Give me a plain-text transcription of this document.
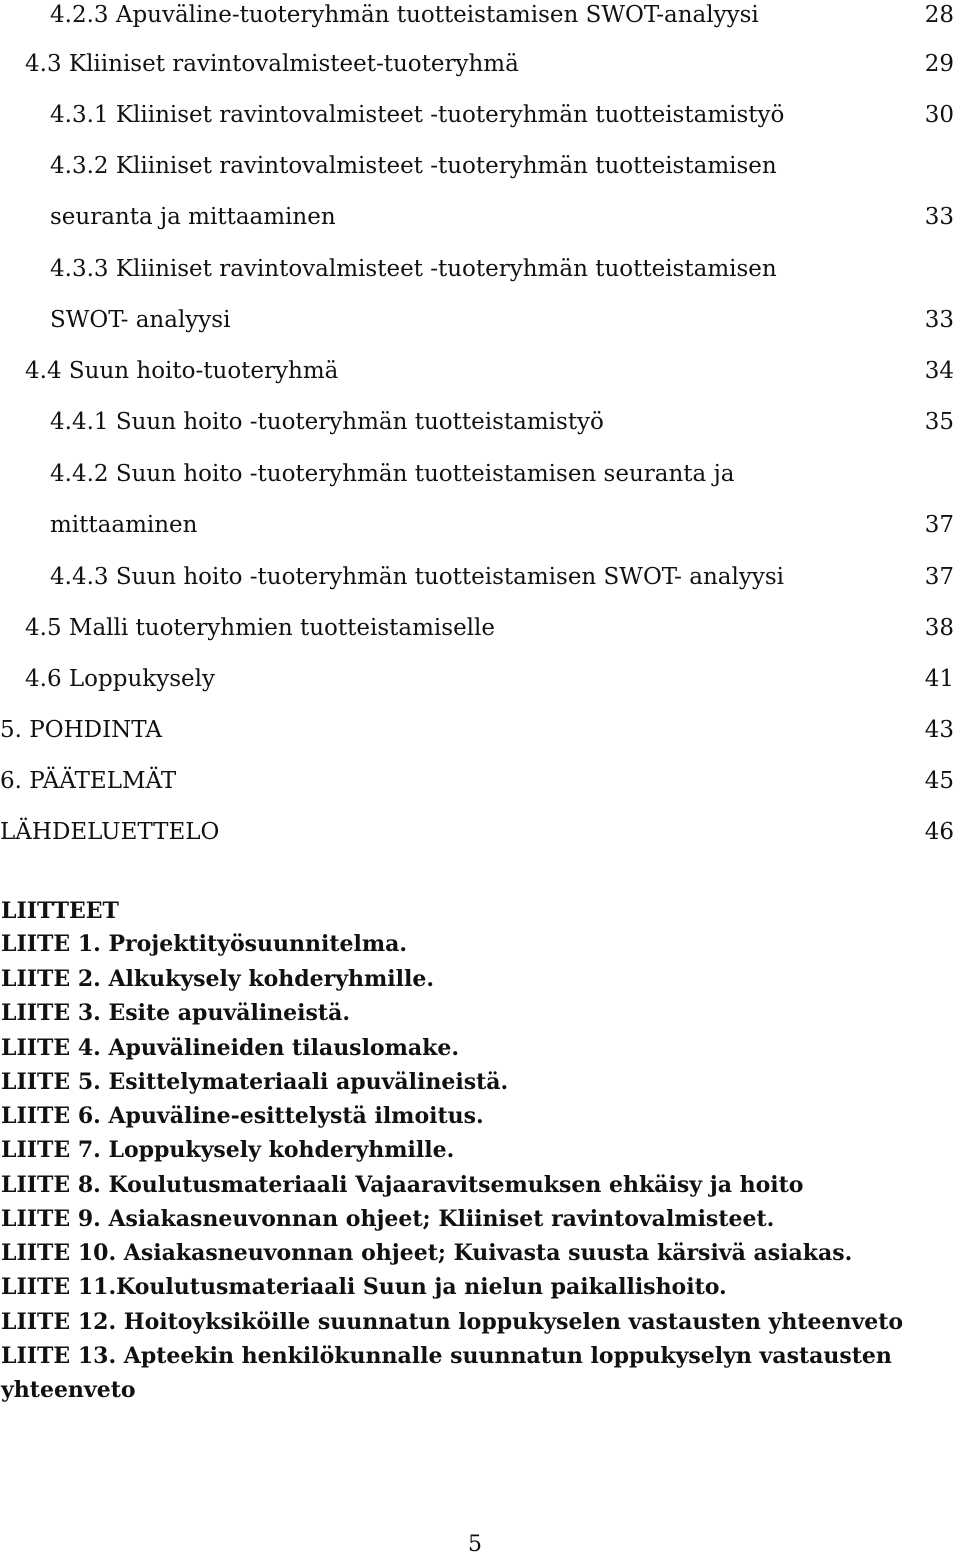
4.2.3 Apuväline-tuoteryhmän tuotteistamisen SWOT-analyysi	28
4.3 Kliiniset ravintovalmisteet-tuoteryhmä	29
4.3.1 Kliiniset ravintovalmisteet -tuoteryhmän tuotteistamistyö	30
4.3.2 Kliiniset ravintovalmisteet -tuoteryhmän tuotteistamisen
seuranta ja mittaaminen	33
4.3.3 Kliiniset ravintovalmisteet -tuoteryhmän tuotteistamisen
SWOT- analyysi	33
4.4 Suun hoito-tuoteryhmä	34
4.4.1 Suun hoito -tuoteryhmän tuotteistamistyö	35
4.4.2 Suun hoito -tuoteryhmän tuotteistamisen seuranta ja
mittaaminen	37
4.4.3 Suun hoito -tuoteryhmän tuotteistamisen SWOT- analyysi	37
4.5 Malli tuoteryhmien tuotteistamiselle	38
4.6 Loppukysely	41
5. POHDINTA	43
6. PÄÄTELMÄT	45
LÄHDELUETTELO	46
LIITTEET
LIITE 1. Projektityösuunnitelma.
LIITE 2. Alkukysely kohderyhmille.
LIITE 3. Esite apuvälineistä.
LIITE 4. Apuvälineiden tilauslomake.
LIITE 5. Esittelymateriaali apuvälineistä.
LIITE 6. Apuväline-esittelystä ilmoitus.
LIITE 7. Loppukysely kohderyhmille.
LIITE 8. Koulutusmateriaali Vajaaravitsemuksen ehkäisy ja hoito
LIITE 9. Asiakasneuvonnan ohjeet; Kliiniset ravintovalmisteet.
LIITE 10. Asiakasneuvonnan ohjeet; Kuivasta suusta kärsivä asiakas.
LIITE 11.Koulutusmateriaali Suun ja nielun paikallishoito.
LIITE 12. Hoitoyksiköille suunnatun loppukyselen vastausten yhteenveto
LIITE 13. Apteekin henkilökunnalle suunnatun loppukyselyn vastausten
yhteenveto
5
